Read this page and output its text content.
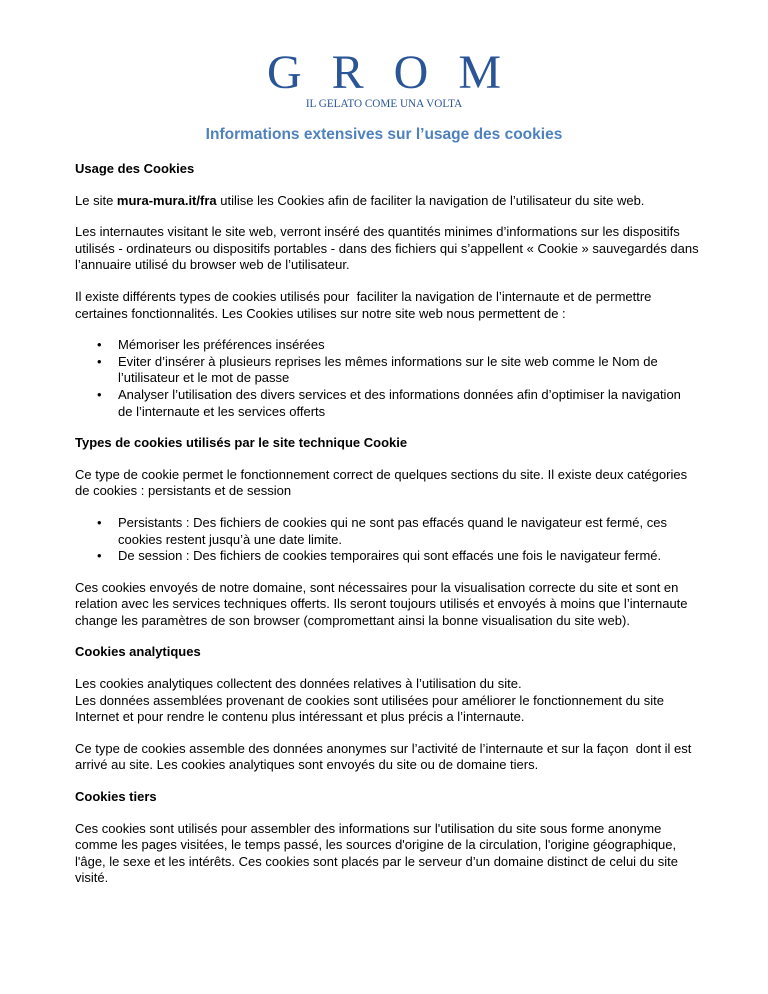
G R O M
IL GELATO COME UNA VOLTA
Informations extensives sur l’usage des cookies
Usage des Cookies

Le site mura-mura.it/fra utilise les Cookies afin de faciliter la navigation de l’utilisateur du site web.

Les internautes visitant le site web, verront inséré des quantités minimes d’informations sur les dispositifs
utilisés - ordinateurs ou dispositifs portables - dans des fichiers qui s’appellent « Cookie » sauvegardés dans
l’annuaire utilisé du browser web de l’utilisateur.

Il existe différents types de cookies utilisés pour  faciliter la navigation de l’internaute et de permettre
certaines fonctionnalités. Les Cookies utilises sur notre site web nous permettent de :

•
Mémoriser les préférences insérées
•
Eviter d’insérer à plusieurs reprises les mêmes informations sur le site web comme le Nom de
l’utilisateur et le mot de passe
•
Analyser l’utilisation des divers services et des informations données afin d’optimiser la navigation
de l’internaute et les services offerts
Types de cookies utilisés par le site technique Cookie

Ce type de cookie permet le fonctionnement correct de quelques sections du site. Il existe deux catégories
de cookies : persistants et de session

•
Persistants : Des fichiers de cookies qui ne sont pas effacés quand le navigateur est fermé, ces
cookies restent jusqu’à une date limite.
•
De session : Des fichiers de cookies temporaires qui sont effacés une fois le navigateur fermé.

Ces cookies envoyés de notre domaine, sont nécessaires pour la visualisation correcte du site et sont en
relation avec les services techniques offerts. Ils seront toujours utilisés et envoyés à moins que l’internaute
change les paramètres de son browser (compromettant ainsi la bonne visualisation du site web).

Cookies analytiques

Les cookies analytiques collectent des données relatives à l’utilisation du site.
Les données assemblées provenant de cookies sont utilisées pour améliorer le fonctionnement du site
Internet et pour rendre le contenu plus intéressant et plus précis a l’internaute.

Ce type de cookies assemble des données anonymes sur l’activité de l’internaute et sur la façon  dont il est
arrivé au site. Les cookies analytiques sont envoyés du site ou de domaine tiers.

Cookies tiers

Ces cookies sont utilisés pour assembler des informations sur l'utilisation du site sous forme anonyme
comme les pages visitées, le temps passé, les sources d'origine de la circulation, l'origine géographique,
l'âge, le sexe et les intérêts. Ces cookies sont placés par le serveur d’un domaine distinct de celui du site
visité.
